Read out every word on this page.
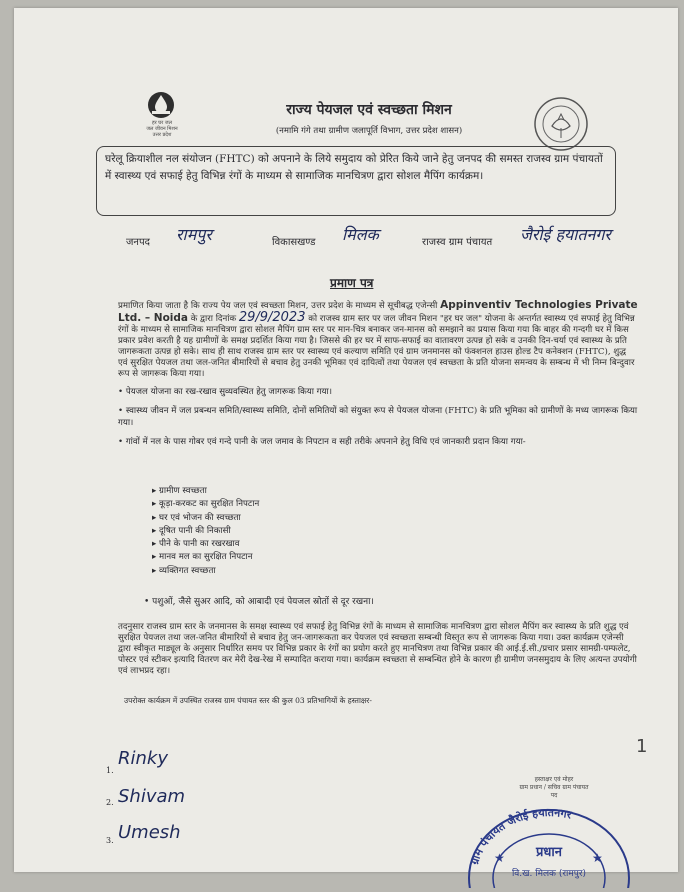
हर घर जल
जल जीवन मिशन
उत्तर प्रदेश
राज्य पेयजल एवं स्वच्छता मिशन
(नमामि गंगे तथा ग्रामीण जलापूर्ति विभाग, उत्तर प्रदेश शासन)
घरेलू क्रियाशील नल संयोजन (FHTC) को अपनाने के लिये समुदाय को प्रेरित किये जाने हेतु जनपद की समस्त राजस्व ग्राम पंचायतों में स्वास्थ्य एवं सफाई हेतु विभिन्न रंगों के माध्यम से सामाजिक मानचित्रण द्वारा सोशल मैपिंग कार्यक्रम।
जनपद रामपुर	विकासखण्ड मिलक	राजस्व ग्राम पंचायत जैरोई हयातनगर
प्रमाण पत्र
प्रमाणित किया जाता है कि राज्य पेय जल एवं स्वच्छता मिशन, उत्तर प्रदेश के माध्यम से सूचीबद्ध एजेन्सी Appinventiv Technologies Private Ltd. – Noida के द्वारा दिनांक 29/9/2023 को राजस्व ग्राम स्तर पर जल जीवन मिशन "हर घर जल" योजना के अन्तर्गत स्वास्थ्य एवं सफाई हेतु विभिन्न रंगों के माध्यम से सामाजिक मानचित्रण द्वारा सोशल मैपिंग ग्राम स्तर पर मान-चित्र बनाकर जन-मानस को समझाने का प्रयास किया गया कि बाहर की गन्दगी घर में किस प्रकार प्रवेश करती है यह ग्रामीणों के समक्ष प्रदर्शित किया गया है। जिससे की हर घर में साफ-सफाई का वातावरण उत्पन्न हो सके व उनकी दिन-चर्या एवं स्वास्थ्य के प्रति जागरूकता उत्पन्न हो सके। साथ ही साथ राजस्व ग्राम स्तर पर स्वास्थ्य एवं कल्याण समिति एवं ग्राम जनमानस को फंक्शनल हाउस होल्ड टैप कनेक्शन (FHTC), शुद्ध एवं सुरक्षित पेयजल तथा जल-जनित बीमारियों से बचाव हेतु उनकी भूमिका एवं दायित्वों तथा पेयजल एवं स्वच्छता के प्रति योजना समन्वय के सम्बन्ध में भी निम्न बिन्दुवार रूप से जागरूक किया गया।
• पेयजल योजना का रख-रखाव सुव्यवस्थित हेतु जागरूक किया गया।
• स्वास्थ्य जीवन में जल प्रबन्धन समिति/स्वास्थ्य समिति, दोनों समितियों को संयुक्त रूप से पेयजल योजना (FHTC) के प्रति भूमिका को ग्रामीणों के मध्य जागरूक किया गया।
• गांवों में नल के पास गोबर एवं गन्दे पानी के जल जमाव के निपटान व सही तरीके अपनाने हेतु विधि एवं जानकारी प्रदान किया गया-
▸ ग्रामीण स्वच्छता
▸ कूड़ा-करकट का सुरक्षित निपटान
▸ घर एवं भोजन की स्वच्छता
▸ दूषित पानी की निकासी
▸ पीने के पानी का रखरखाव
▸ मानव मल का सुरक्षित निपटान
▸ व्यक्तिगत स्वच्छता
• पशुओं, जैसे सुअर आदि, को आबादी एवं पेयजल स्रोतों से दूर रखना।
तदनुसार राजस्व ग्राम स्तर के जनमानस के समक्ष स्वास्थ्य एवं सफाई हेतु विभिन्न रंगों के माध्यम से सामाजिक मानचित्रण द्वारा सोशल मैपिंग कर स्वास्थ्य के प्रति शुद्ध एवं सुरक्षित पेयजल तथा जल-जनित बीमारियों से बचाव हेतु जन-जागरूकता कर पेयजल एवं स्वच्छता सम्बन्धी विस्तृत रूप से जागरूक किया गया। उक्त कार्यक्रम एजेन्सी द्वारा स्वीकृत माड्यूल के अनुसार निर्धारित समय पर विभिन्न प्रकार के रंगों का प्रयोग करते हुए मानचित्रण तथा विभिन्न प्रकार की आई.ई.सी./प्रचार प्रसार सामग्री-पम्फलेट, पोस्टर एवं स्टीकर इत्यादि वितरण कर मेरी देख-रेख में सम्पादित कराया गया। कार्यक्रम स्वच्छता से सम्बन्धित होने के कारण ही ग्रामीण जनसमुदाय के लिए अत्यन्त उपयोगी एवं लाभप्रद रहा।
उपरोक्त कार्यक्रम में उपस्थित राजस्व ग्राम पंचायत स्तर की कुल 03 प्रतिभागियों के हस्ताक्षर-
1.
Rinky
2. Shivam
3. Umesh
1
हस्ताक्षर एवं मोहर
ग्राम प्रधान / सचिव ग्राम पंचायत
पद
ग्राम पंचायत जैरोई हयातनगर
प्रधान
वि.ख. मिलक (रामपुर)
★	★
